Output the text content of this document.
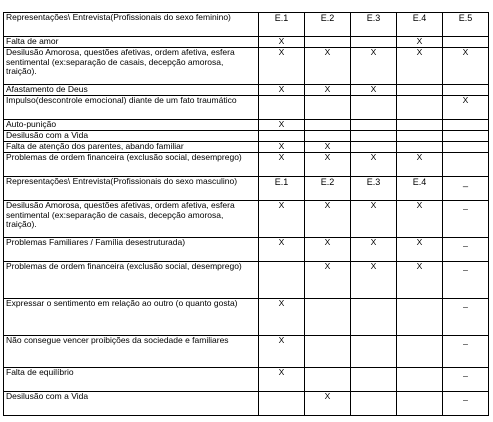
Representações\ Entrevista(Profissionais do sexo feminino)	E.1	E.2	E.3	E.4	E.5
Falta de amor	X			X	
Desilusão Amorosa, questões afetivas, ordem afetiva, esfera sentimental (ex:separação de casais, decepção amorosa, traição).	X	X	X	X	X
Afastamento de Deus	X	X	X		
Impulso(descontrole emocional) diante de um fato traumático					X
Auto-punição	X				
Desilusão com a Vida					
Falta de atenção dos parentes, abando familiar	X	X			
Problemas de ordem financeira (exclusão social, desemprego)	X	X	X	X	
Representações\ Entrevista(Profissionais do sexo masculino)	E.1	E.2	E.3	E.4	_
Desilusão Amorosa, questões afetivas, ordem afetiva, esfera sentimental (ex:separação de casais, decepção amorosa, traição).	X	X	X	X	_
Problemas Familiares / Família desestruturada)	X	X	X	X	_
Problemas de ordem financeira (exclusão social, desemprego)		X	X	X	_
Expressar o sentimento em relação ao outro (o quanto gosta)	X				_
Não consegue vencer proibições da sociedade e familiares	X				_
Falta de equilíbrio	X				_
Desilusão com a Vida		X			_
